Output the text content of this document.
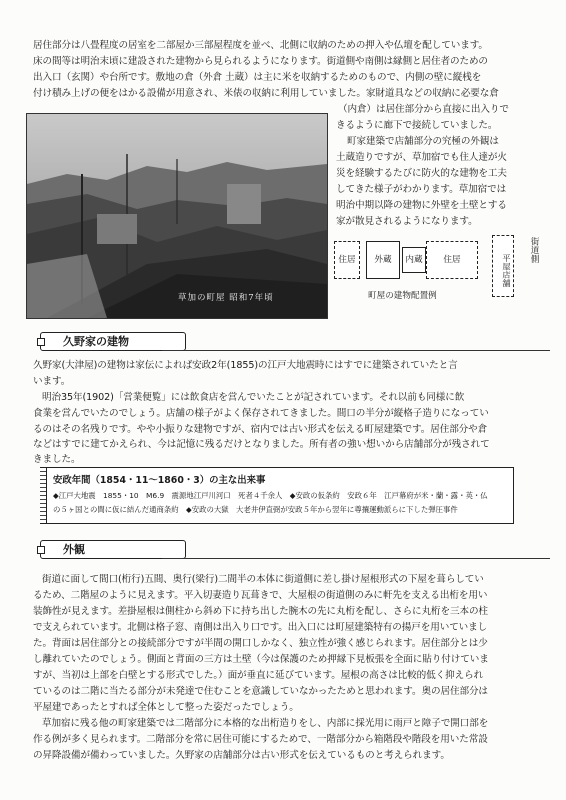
居住部分は八畳程度の居室を二部屋か三部屋程度を並べ、北側に収納のための押入や仏壇を配しています。

床の間等は明治末頃に建設された建物から見られるようになります。街道側や南側は縁側と居住者のための

出入口（玄関）や台所です。敷地の倉（外倉 土蔵）は主に米を収納するためのもので、内側の壁に縦桟を

付け積み上げの便をはかる設備が用意され、米俵の収納に利用していました。家財道具などの収納に必要な倉

草加の町屋 昭和7年頃

（内倉）は居住部分から直接に出入りで

きるように廊下で接続していました。

町家建築で店舗部分の究極の外観は

土蔵造りですが、草加宿でも住人達が火

災を経験するたびに防火的な建物を工夫

してきた様子がわかります。草加宿では

明治中期以降の建物に外壁を土壁とする

家が散見されるようになります。

住居	外蔵	内蔵	住居	平屋店舗
町屋の建物配置例
街道側
久野家の建物

久野家(大津屋)の建物は家伝によれば安政2年(1855)の江戸大地震時にはすでに建築されていたと言

います。

明治35年(1902)「営業便覧」には飲食店を営んでいたことが記されています。それ以前も同様に飲

食業を営んでいたのでしょう。店舗の様子がよく保存されてきました。間口の半分が縦格子造りになってい

るのはその名残りです。やや小振りな建物ですが、宿内では古い形式を伝える町屋建築です。居住部分や倉

などはすでに建てかえられ、今は記憶に残るだけとなりました。所有者の強い想いから店舗部分が残されて

きました。

安政年間（1854・11〜1860・3）の主な出来事
◆江戸大地震　1855・10　M6.9　震源地江戸川河口　死者４千余人　◆安政の仮条約　安政６年　江戸幕府が米・蘭・露・英・仏
の５ヶ国との間に仮に結んだ通商条約　◆安政の大獄　大老井伊直弼が安政５年から翌年に尊攘運動派らに下した弾圧事件
外観

街道に面して間口(桁行)五間、奥行(梁行)二間半の本体に街道側に差し掛け屋根形式の下屋を葺らしてい

るため、二階屋のように見えます。平入切妻造り瓦葺きで、大屋根の街道側のみに軒先を支える出桁を用い

装飾性が見えます。差掛屋根は側柱から斜め下に持ち出した腕木の先に丸桁を配し、さらに丸桁を三本の柱

で支えられています。北側は格子窓、南側は出入り口です。出入口には町屋建築特有の揚戸を用いていまし

た。背面は居住部分との接続部分ですが半間の開口しかなく、独立性が強く感じられます。居住部分とは少

し離れていたのでしょう。側面と背面の三方は土壁（今は保護のため押縁下見板張を全面に貼り付けていま

すが、当初は上部を白壁とする形式でした。）面が垂直に延びています。屋根の高さは比較的低く抑えられ

ているのは二階に当たる部分が未発達で住むことを意識していなかったためと思われます。奥の居住部分は

平屋建であったとすれば全体として整った姿だったでしょう。

草加宿に残る他の町家建築では二階部分に本格的な出桁造りをし、内部に採光用に雨戸と障子で開口部を

作る例が多く見られます。二階部分を常に居住可能にするためで、一階部分から箱階段や階段を用いた常設

の昇降設備が備わっていました。久野家の店舗部分は古い形式を伝えているものと考えられます。
